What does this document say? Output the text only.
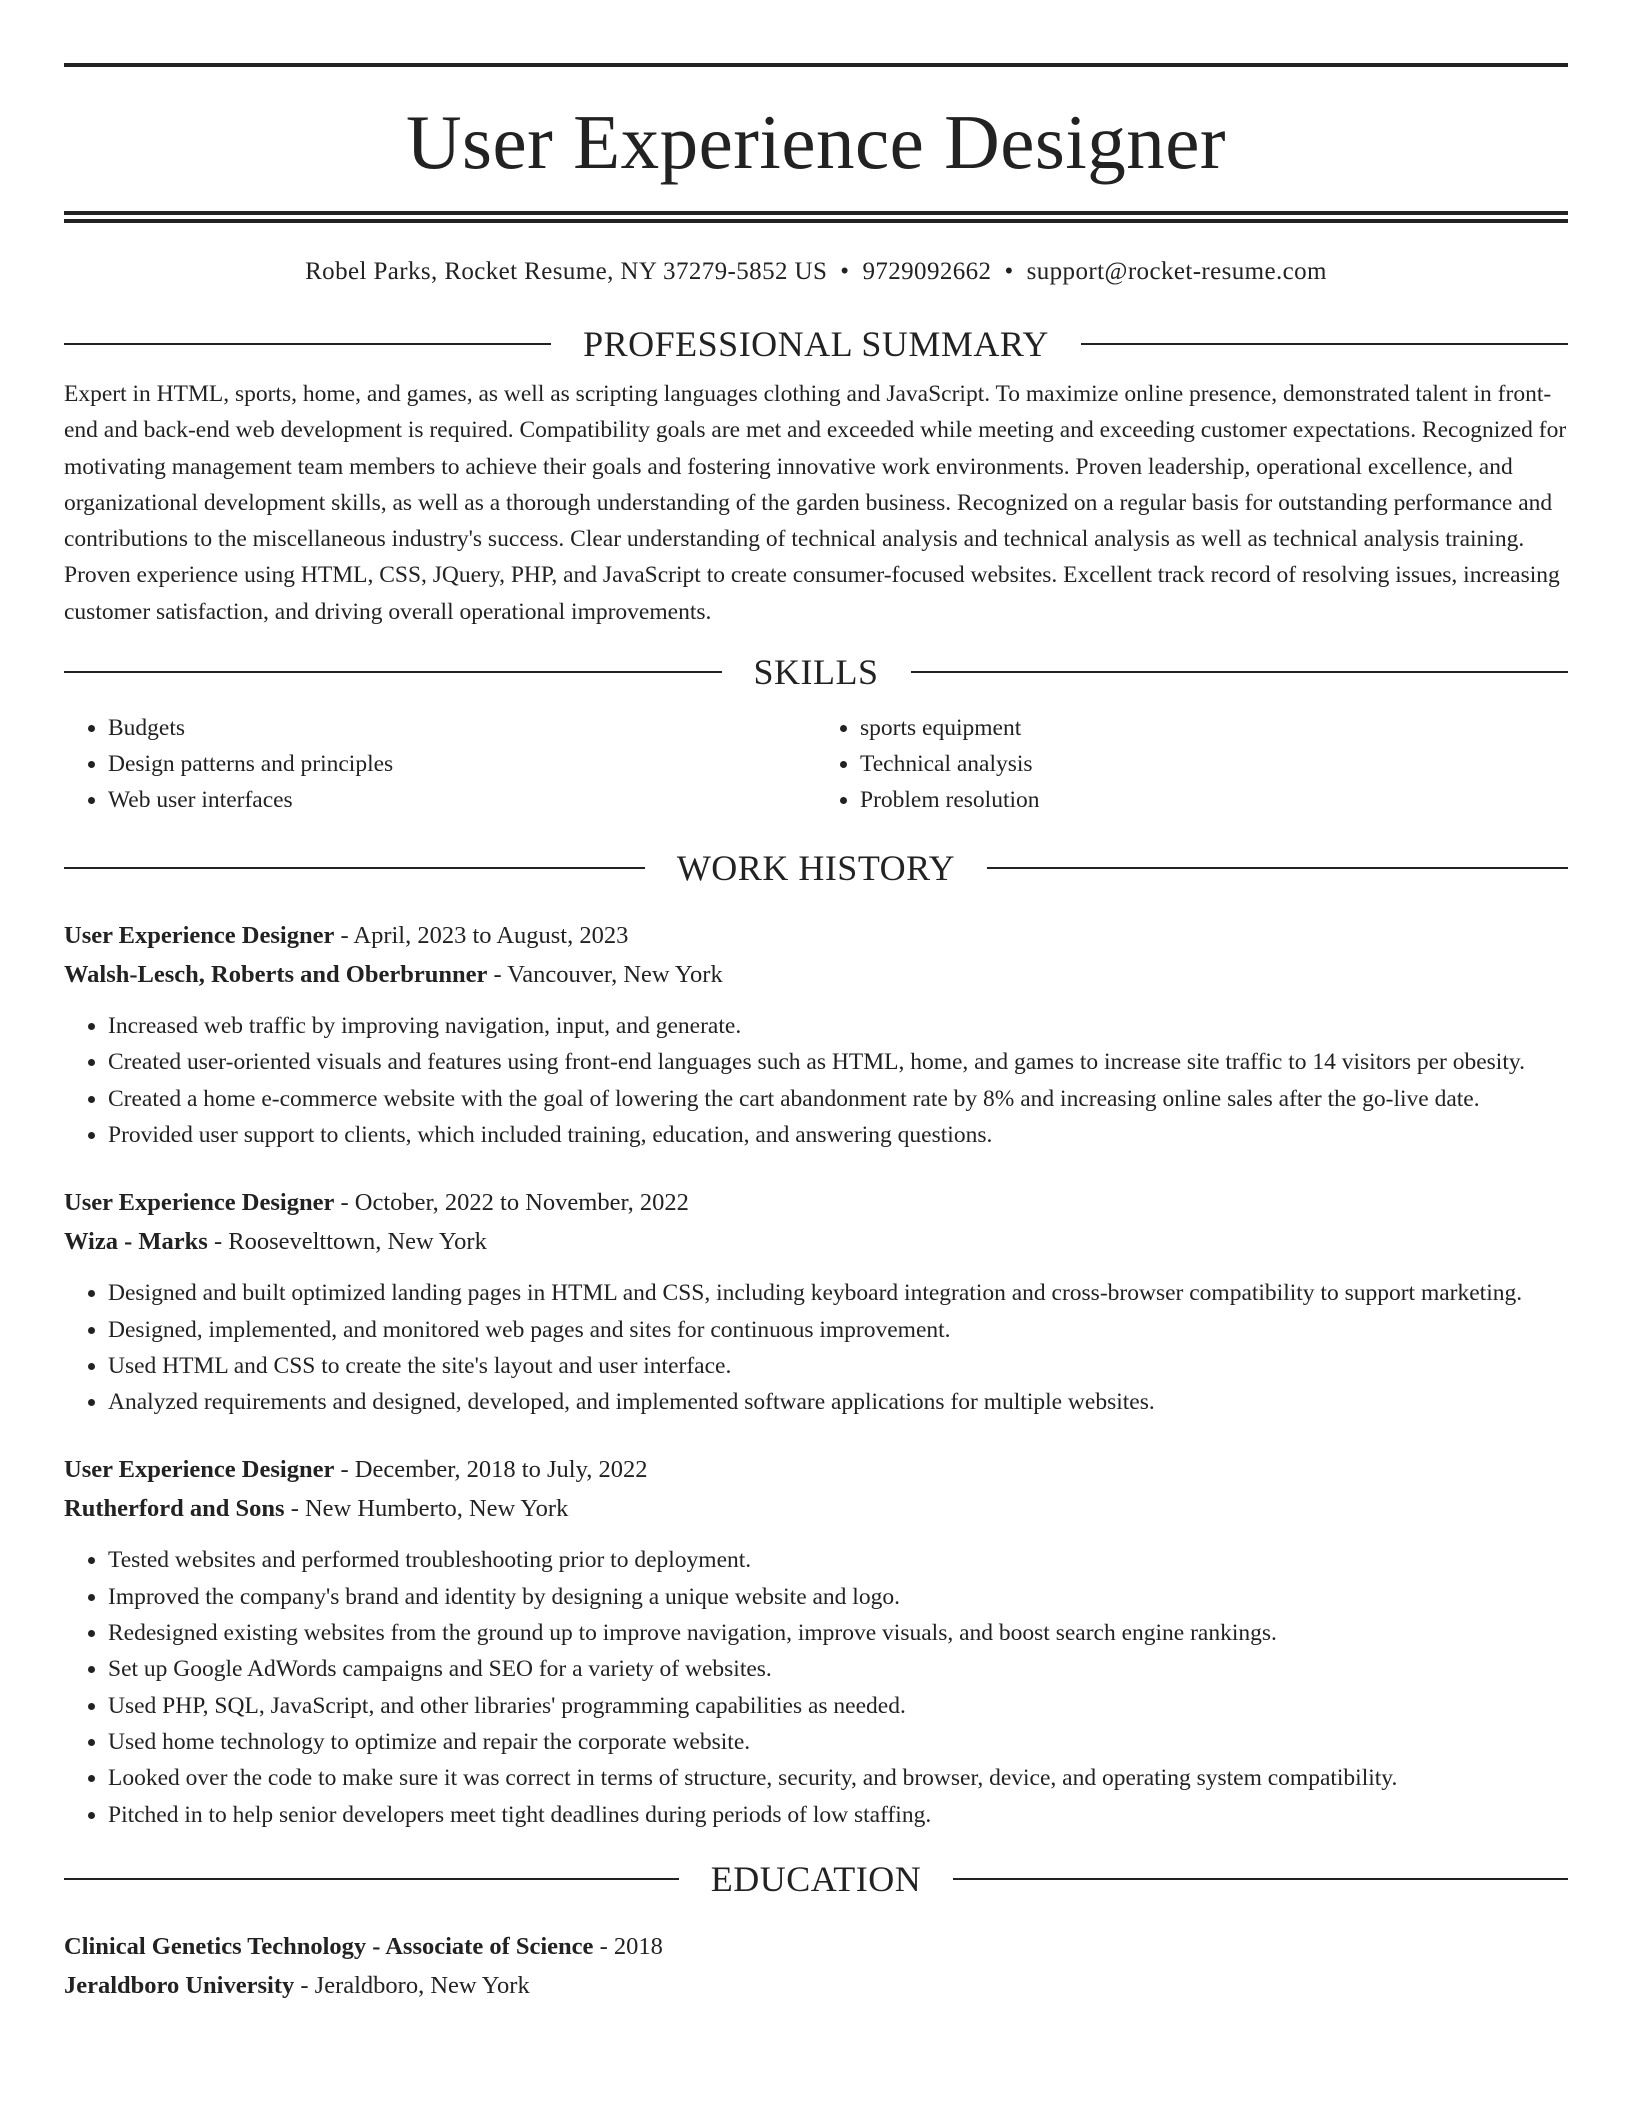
User Experience Designer
Robel Parks, Rocket Resume, NY 37279-5852 US • 9729092662 • support@rocket-resume.com
PROFESSIONAL SUMMARY
Expert in HTML, sports, home, and games, as well as scripting languages clothing and JavaScript. To maximize online presence, demonstrated talent in front-end and back-end web development is required. Compatibility goals are met and exceeded while meeting and exceeding customer expectations. Recognized for motivating management team members to achieve their goals and fostering innovative work environments. Proven leadership, operational excellence, and organizational development skills, as well as a thorough understanding of the garden business. Recognized on a regular basis for outstanding performance and contributions to the miscellaneous industry's success. Clear understanding of technical analysis and technical analysis as well as technical analysis training. Proven experience using HTML, CSS, JQuery, PHP, and JavaScript to create consumer-focused websites. Excellent track record of resolving issues, increasing customer satisfaction, and driving overall operational improvements.
SKILLS
• Budgets
• Design patterns and principles
• Web user interfaces
• sports equipment
• Technical analysis
• Problem resolution
WORK HISTORY
User Experience Designer - April, 2023 to August, 2023
Walsh-Lesch, Roberts and Oberbrunner - Vancouver, New York
• Increased web traffic by improving navigation, input, and generate.
• Created user-oriented visuals and features using front-end languages such as HTML, home, and games to increase site traffic to 14 visitors per obesity.
• Created a home e-commerce website with the goal of lowering the cart abandonment rate by 8% and increasing online sales after the go-live date.
• Provided user support to clients, which included training, education, and answering questions.
User Experience Designer - October, 2022 to November, 2022
Wiza - Marks - Roosevelttown, New York
• Designed and built optimized landing pages in HTML and CSS, including keyboard integration and cross-browser compatibility to support marketing.
• Designed, implemented, and monitored web pages and sites for continuous improvement.
• Used HTML and CSS to create the site's layout and user interface.
• Analyzed requirements and designed, developed, and implemented software applications for multiple websites.
User Experience Designer - December, 2018 to July, 2022
Rutherford and Sons - New Humberto, New York
• Tested websites and performed troubleshooting prior to deployment.
• Improved the company's brand and identity by designing a unique website and logo.
• Redesigned existing websites from the ground up to improve navigation, improve visuals, and boost search engine rankings.
• Set up Google AdWords campaigns and SEO for a variety of websites.
• Used PHP, SQL, JavaScript, and other libraries' programming capabilities as needed.
• Used home technology to optimize and repair the corporate website.
• Looked over the code to make sure it was correct in terms of structure, security, and browser, device, and operating system compatibility.
• Pitched in to help senior developers meet tight deadlines during periods of low staffing.
EDUCATION
Clinical Genetics Technology - Associate of Science - 2018
Jeraldboro University - Jeraldboro, New York
